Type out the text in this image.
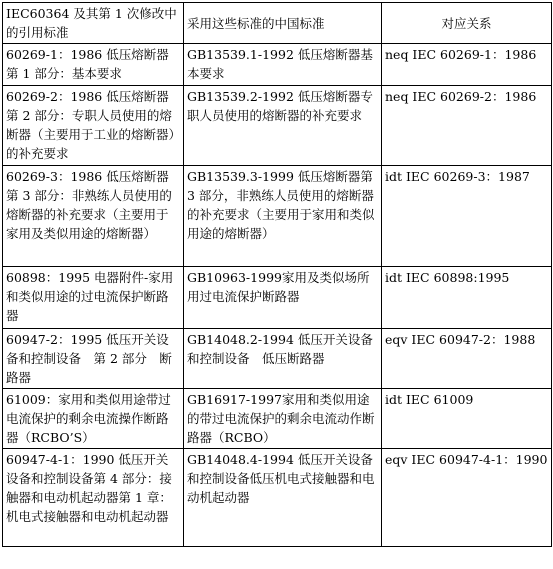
IEC60364 及其第 1 次修改中的引用标准	采用这些标准的中国标准	对应关系
60269-1：1986 低压熔断器第 1 部分：基本要求	GB13539.1-1992 低压熔断器基本要求	neq IEC 60269-1：1986
60269-2：1986 低压熔断器第 2 部分：专职人员使用的熔断器（主要用于工业的熔断器）的补充要求	GB13539.2-1992 低压熔断器专职人员使用的熔断器的补充要求	neq IEC 60269-2：1986
60269-3：1986 低压熔断器第 3 部分：非熟练人员使用的熔断器的补充要求（主要用于家用及类似用途的熔断器）	GB13539.3-1999 低压熔断器第 3 部分，非熟练人员使用的熔断器的补充要求（主要用于家用和类似用途的熔断器）	idt IEC 60269-3：1987
60898：1995 电器附件-家用和类似用途的过电流保护断路器	GB10963-1999家用及类似场所用过电流保护断路器	idt IEC 60898:1995
60947-2：1995 低压开关设备和控制设备　第 2 部分　断路器	GB14048.2-1994 低压开关设备和控制设备　低压断路器	eqv IEC 60947-2：1988
61009：家用和类似用途带过电流保护的剩余电流操作断路器（RCBO’S）	GB16917-1997家用和类似用途的带过电流保护的剩余电流动作断路器（RCBO）	idt IEC 61009
60947-4-1：1990 低压开关设备和控制设备第 4 部分：接触器和电动机起动器第 1 章：机电式接触器和电动机起动器	GB14048.4-1994 低压开关设备和控制设备低压机电式接触器和电动机起动器	eqv IEC 60947-4-1：1990
